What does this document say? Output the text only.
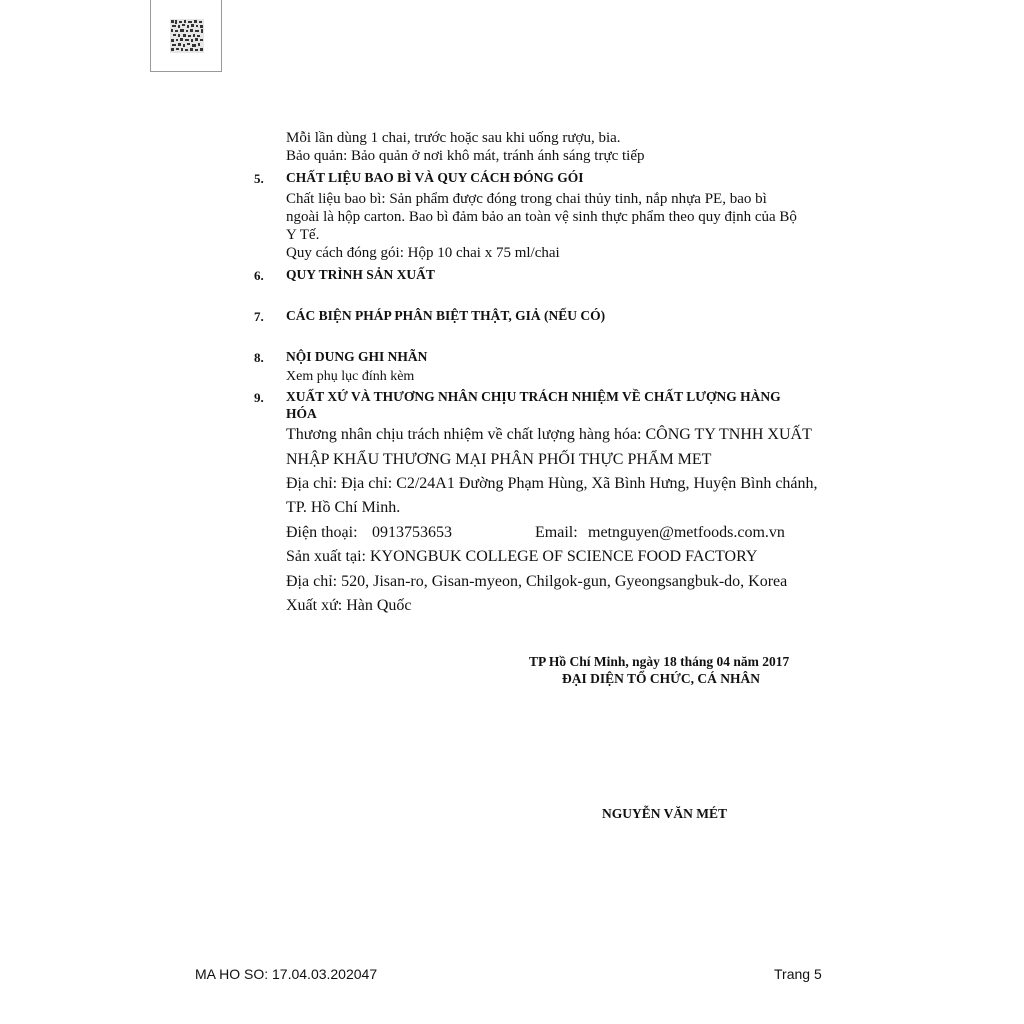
Mỗi lần dùng 1 chai, trước hoặc sau khi uống rượu, bia.
Bảo quản: Bảo quản ở nơi khô mát, tránh ánh sáng trực tiếp
5. CHẤT LIỆU BAO BÌ VÀ QUY CÁCH ĐÓNG GÓI
Chất liệu bao bì: Sản phẩm được đóng trong chai thủy tinh, nắp nhựa PE, bao bì
ngoài là hộp carton. Bao bì đảm bảo an toàn vệ sinh thực phẩm theo quy định của Bộ
Y Tế.
Quy cách đóng gói: Hộp 10 chai x 75 ml/chai
6. QUY TRÌNH SẢN XUẤT
7. CÁC BIỆN PHÁP PHÂN BIỆT THẬT, GIẢ (NẾU CÓ)
8. NỘI DUNG GHI NHÃN
Xem phụ lục đính kèm
9. XUẤT XỨ VÀ THƯƠNG NHÂN CHỊU TRÁCH NHIỆM VỀ CHẤT LƯỢNG HÀNG
HÓA
Thương nhân chịu trách nhiệm về chất lượng hàng hóa: CÔNG TY TNHH XUẤT
NHẬP KHẨU THƯƠNG MẠI PHÂN PHỐI THỰC PHẨM MET
Địa chỉ: Địa chỉ: C2/24A1 Đường Phạm Hùng, Xã Bình Hưng, Huyện Bình chánh,
TP. Hồ Chí Minh.
Điện thoại: 0913753653	Email: metnguyen@metfoods.com.vn
Sản xuất tại: KYONGBUK COLLEGE OF SCIENCE FOOD FACTORY
Địa chỉ: 520, Jisan-ro, Gisan-myeon, Chilgok-gun, Gyeongsangbuk-do, Korea
Xuất xứ: Hàn Quốc
TP Hồ Chí Minh, ngày 18 tháng 04 năm 2017
ĐẠI DIỆN TỔ CHỨC, CÁ NHÂN
NGUYỄN VĂN MÉT
MA HO SO: 17.04.03.202047	Trang 5
